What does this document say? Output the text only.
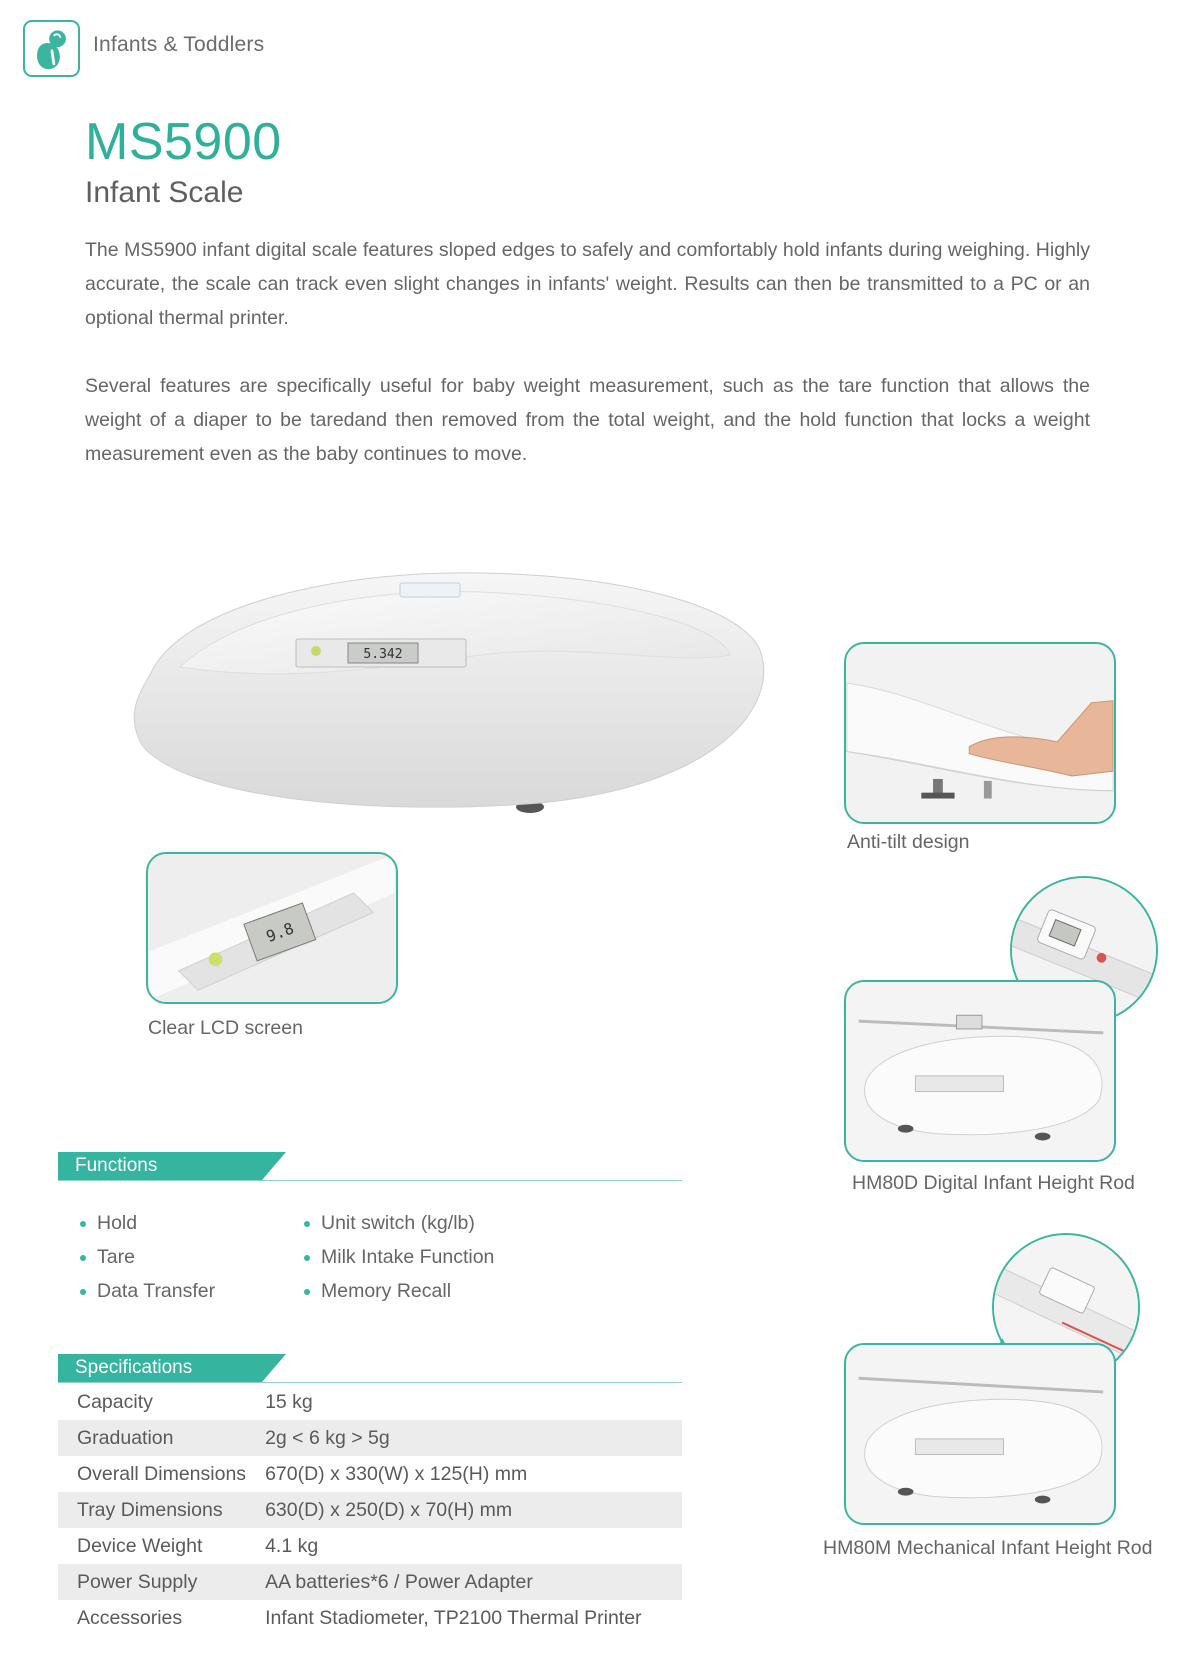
Infants & Toddlers
MS5900
Infant Scale

The MS5900 infant digital scale features sloped edges to safely and comfortably hold infants during weighing. Highly accurate, the scale can track even slight changes in infants' weight. Results can then be transmitted to a PC or an optional thermal printer.

Several features are specifically useful for baby weight measurement, such as the tare function that allows the weight of a diaper to be taredand then removed from the total weight, and the hold function that locks a weight measurement even as the baby continues to move.

5.342
9.8
Clear LCD screen
Anti-tilt design
HM80D Digital Infant Height Rod
HM80M Mechanical Infant Height Rod
Functions
Hold
Tare
Data Transfer
Unit switch (kg/lb)
Milk Intake Function
Memory Recall
Specifications
Capacity	15 kg
Graduation	2g < 6 kg > 5g
Overall Dimensions	670(D) x 330(W) x 125(H) mm
Tray Dimensions	630(D) x 250(D) x 70(H) mm
Device Weight	4.1 kg
Power Supply	AA batteries*6 / Power Adapter
Accessories	Infant Stadiometer, TP2100 Thermal Printer
